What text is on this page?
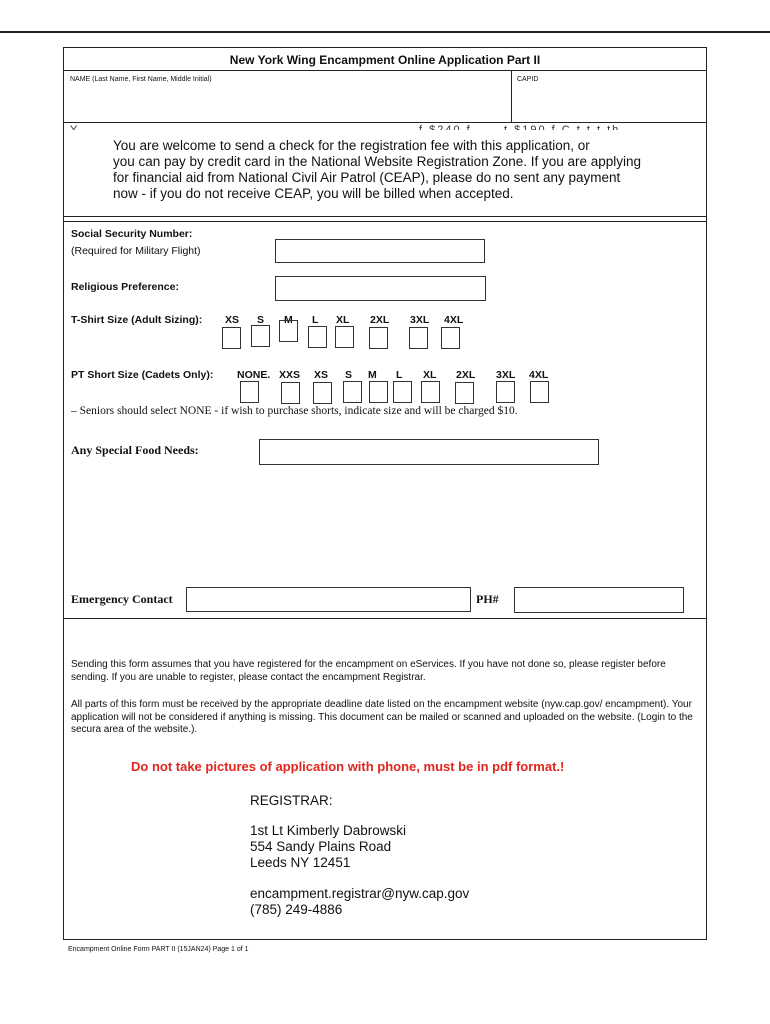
New York Wing Encampment Online Application Part II
NAME (Last Name, First Name, Middle Initial)	CAPID
You are welcome to send a check for the registration fee with this application, or
you can pay by credit card in the National Website Registration Zone. If you are applying
for financial aid from National Civil Air Patrol (CEAP), please do no sent any payment
now - if you do not receive CEAP, you will be billed when accepted.
Social Security Number:
(Required for Military Flight)
Religious Preference:
T-Shirt Size (Adult Sizing): XS S M L XL 2XL 3XL 4XL
PT Short Size (Cadets Only): NONE. XXS XS S M L XL 2XL 3XL 4XL
– Seniors should select NONE - if wish to purchase shorts, indicate size and will be charged $10.
Any Special Food Needs:
Emergency Contact	PH#
Sending this form assumes that you have registered for the encampment on eServices. If you have not done so, please register before sending. If you are unable to register, please contact the encampment Registrar.
All parts of this form must be received by the appropriate deadline date listed on the encampment website (nyw.cap.gov/ encampment). Your application will not be considered if anything is missing. This document can be mailed or scanned and uploaded on the website. (Login to the secura area of the website.).
Do not take pictures of application with phone, must be in pdf format.!
REGISTRAR:
1st Lt Kimberly Dabrowski
554 Sandy Plains Road
Leeds NY 12451
encampment.registrar@nyw.cap.gov
(785) 249-4886
Encampment Online Form PART II (15JAN24) Page 1 of 1
